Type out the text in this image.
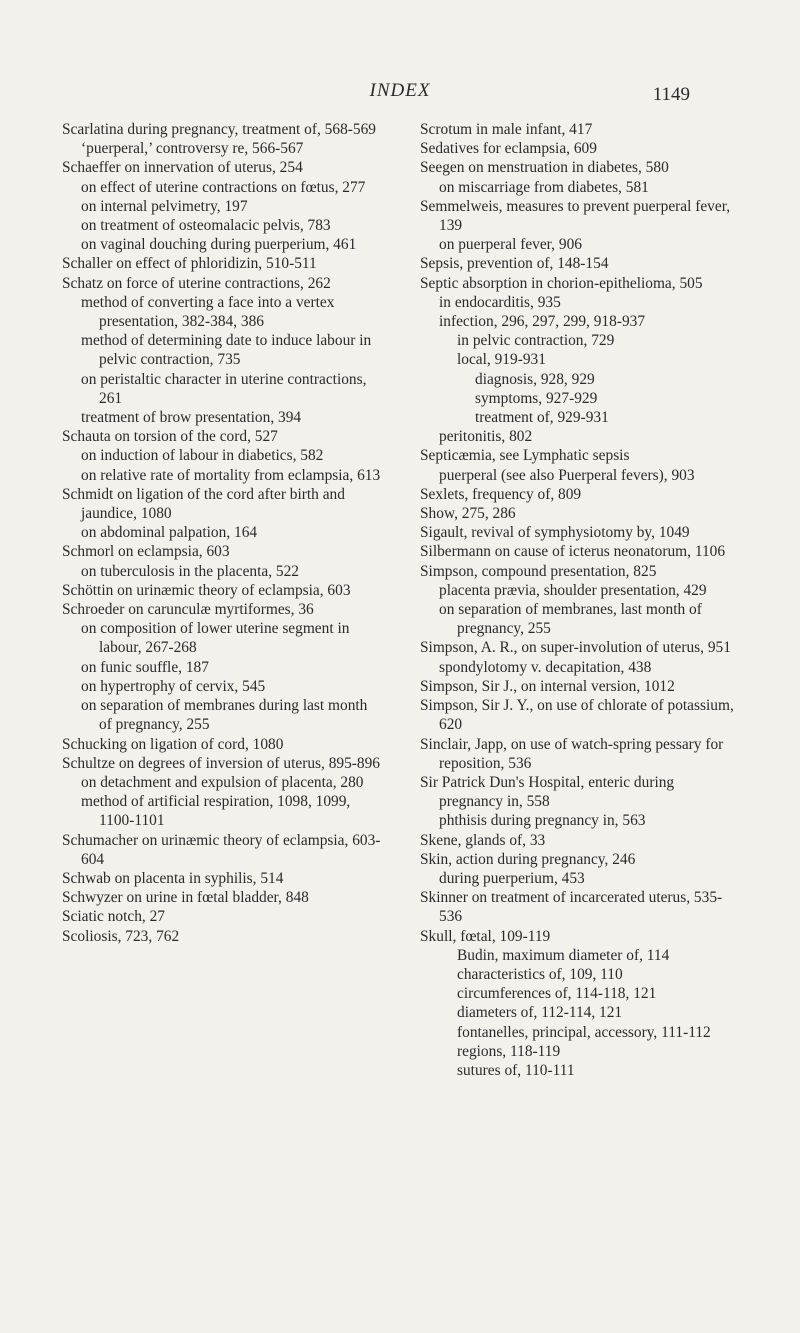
INDEX	1149

Scarlatina during pregnancy, treatment of, 568-569

‘puerperal,’ controversy re, 566-567

Schaeffer on innervation of uterus, 254

on effect of uterine contractions on fœtus, 277

on internal pelvimetry, 197

on treatment of osteomalacic pelvis, 783

on vaginal douching during puerperium, 461

Schaller on effect of phloridizin, 510-511

Schatz on force of uterine contractions, 262

method of converting a face into a vertex presentation, 382-384, 386

method of determining date to induce labour in pelvic contraction, 735

on peristaltic character in uterine contractions, 261

treatment of brow presentation, 394

Schauta on torsion of the cord, 527

on induction of labour in diabetics, 582

on relative rate of mortality from eclampsia, 613

Schmidt on ligation of the cord after birth and jaundice, 1080

on abdominal palpation, 164

Schmorl on eclampsia, 603

on tuberculosis in the placenta, 522

Schöttin on urinæmic theory of eclampsia, 603

Schroeder on carunculæ myrtiformes, 36

on composition of lower uterine segment in labour, 267-268

on funic souffle, 187

on hypertrophy of cervix, 545

on separation of membranes during last month of pregnancy, 255

Schucking on ligation of cord, 1080

Schultze on degrees of inversion of uterus, 895-896

on detachment and expulsion of placenta, 280

method of artificial respiration, 1098, 1099, 1100-1101

Schumacher on urinæmic theory of eclampsia, 603-604

Schwab on placenta in syphilis, 514

Schwyzer on urine in fœtal bladder, 848

Sciatic notch, 27

Scoliosis, 723, 762

Scrotum in male infant, 417

Sedatives for eclampsia, 609

Seegen on menstruation in diabetes, 580

on miscarriage from diabetes, 581

Semmelweis, measures to prevent puerperal fever, 139

on puerperal fever, 906

Sepsis, prevention of, 148-154

Septic absorption in chorion-epithelioma, 505

in endocarditis, 935

infection, 296, 297, 299, 918-937

in pelvic contraction, 729

local, 919-931

diagnosis, 928, 929

symptoms, 927-929

treatment of, 929-931

peritonitis, 802

Septicæmia, see Lymphatic sepsis

puerperal (see also Puerperal fevers), 903

Sexlets, frequency of, 809

Show, 275, 286

Sigault, revival of symphysiotomy by, 1049

Silbermann on cause of icterus neonatorum, 1106

Simpson, compound presentation, 825

placenta prævia, shoulder presentation, 429

on separation of membranes, last month of pregnancy, 255

Simpson, A. R., on super-involution of uterus, 951

spondylotomy v. decapitation, 438

Simpson, Sir J., on internal version, 1012

Simpson, Sir J. Y., on use of chlorate of potassium, 620

Sinclair, Japp, on use of watch-spring pessary for reposition, 536

Sir Patrick Dun's Hospital, enteric during pregnancy in, 558

phthisis during pregnancy in, 563

Skene, glands of, 33

Skin, action during pregnancy, 246

during puerperium, 453

Skinner on treatment of incarcerated uterus, 535-536

Skull, fœtal, 109-119

Budin, maximum diameter of, 114

characteristics of, 109, 110

circumferences of, 114-118, 121

diameters of, 112-114, 121

fontanelles, principal, accessory, 111-112

regions, 118-119

sutures of, 110-111
